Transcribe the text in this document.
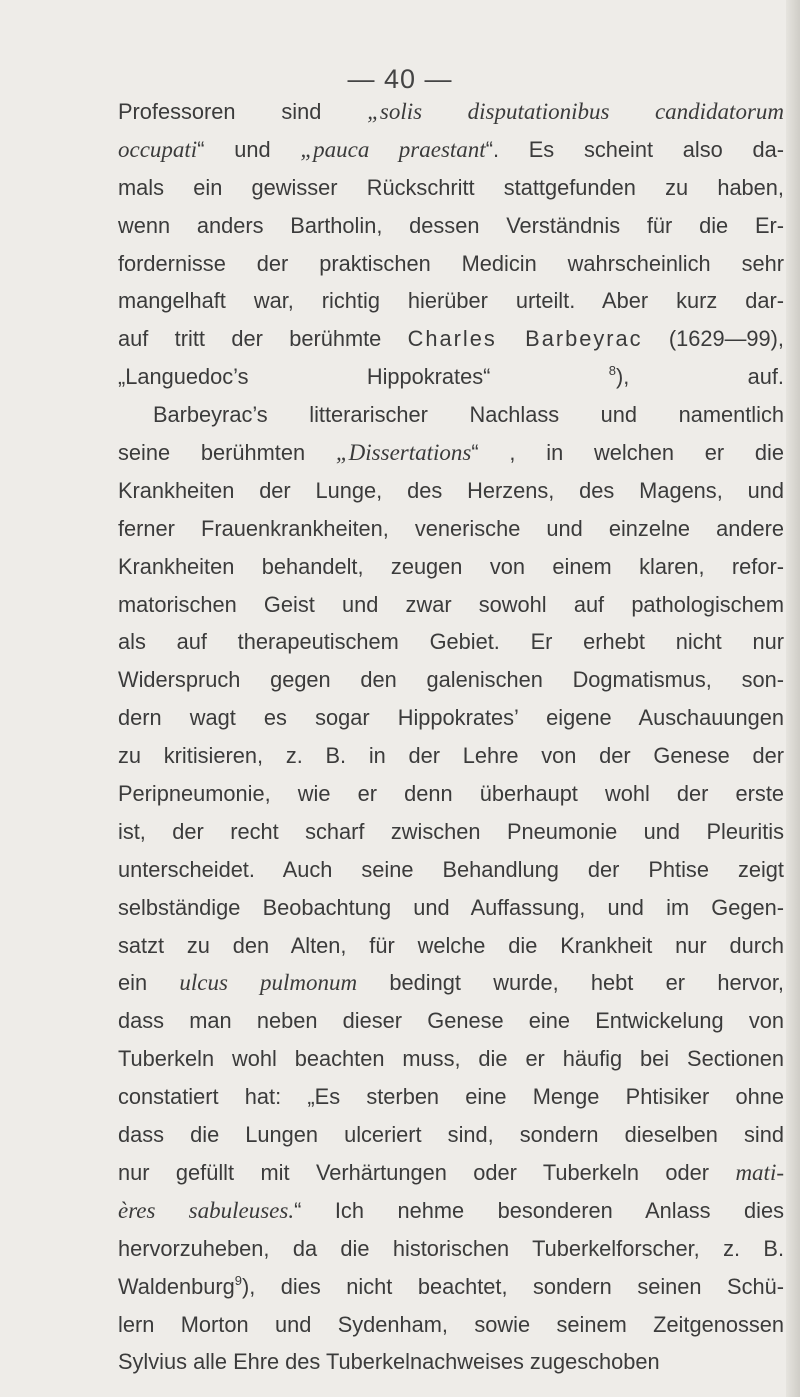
— 40 —
Professoren sind „solis disputationibus candidatorum
occupati“ und „pauca praestant“. Es scheint also da-
mals ein gewisser Rückschritt stattgefunden zu haben,
wenn anders Bartholin, dessen Verständnis für die Er-
fordernisse der praktischen Medicin wahrscheinlich sehr
mangelhaft war, richtig hierüber urteilt. Aber kurz dar-
auf tritt der berühmte Charles Barbeyrac (1629—99),
„Languedoc’s Hippokrates“ $^8$), auf.
Barbeyrac’s litterarischer Nachlass und namentlich
seine berühmten „Dissertations“ , in welchen er die
Krankheiten der Lunge, des Herzens, des Magens, und
ferner Frauenkrankheiten, venerische und einzelne andere
Krankheiten behandelt, zeugen von einem klaren, refor-
matorischen Geist und zwar sowohl auf pathologischem
als auf therapeutischem Gebiet. Er erhebt nicht nur
Widerspruch gegen den galenischen Dogmatismus, son-
dern wagt es sogar Hippokrates’ eigene Auschauungen
zu kritisieren, z. B. in der Lehre von der Genese der
Peripneumonie, wie er denn überhaupt wohl der erste
ist, der recht scharf zwischen Pneumonie und Pleuritis
unterscheidet. Auch seine Behandlung der Phtise zeigt
selbständige Beobachtung und Auffassung, und im Gegen-
satzt zu den Alten, für welche die Krankheit nur durch
ein ulcus pulmonum bedingt wurde, hebt er hervor,
dass man neben dieser Genese eine Entwickelung von
Tuberkeln wohl beachten muss, die er häufig bei Sectionen
constatiert hat: „Es sterben eine Menge Phtisiker ohne
dass die Lungen ulceriert sind, sondern dieselben sind
nur gefüllt mit Verhärtungen oder Tuberkeln oder mati-
ères sabuleuses.“ Ich nehme besonderen Anlass dies
hervorzuheben, da die historischen Tuberkelforscher, z. B.
Waldenburg$^9$), dies nicht beachtet, sondern seinen Schü-
lern Morton und Sydenham, sowie seinem Zeitgenossen
Sylvius alle Ehre des Tuberkelnachweises zugeschoben
